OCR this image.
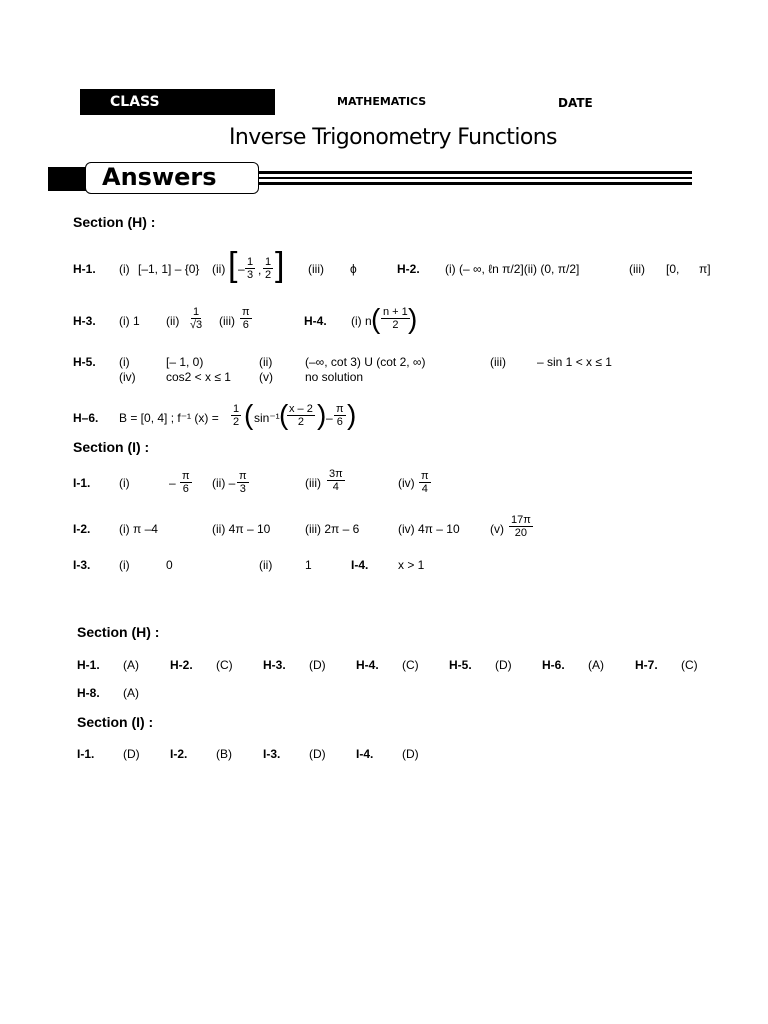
CLASS	MATHEMATICS	DATE
Inverse Trigonometry Functions
Answers
Section (H) :
H-1. (i) [–1, 1] – {0} (ii) [ – $\frac{1}{3}$ , $\frac{1}{2}$ ] (iii) ϕ	H-2. (i) (– ∞, ℓn π/2](ii) (0, π/2]	(iii) [0, π]
H-3. (i) 1 $(ii) \frac{1}{√3} (iii) \frac{\pi}{6}$	H-4. (i) n ( $\frac{n + 1}{2}$
)
H-5. (i)	[– 1, 0)	(ii)	(–∞, cot 3) U (cot 2, ∞)	(iii)	– sin 1 < x ≤ 1
(iv)	cos2 < x ≤ 1 (v)	no solution
H–6. B = [0, 4] ; f⁻¹ $(x) = \frac{1}{2}$ ( sin⁻¹ (
$\frac{x - 2}{2}$ ) – $\frac{\pi}{6}$ )
Section (I) :
I-1. (i)	– $\frac{\pi}{6} (ii) - \frac{\pi}{3}$	$(iii) \frac{3\pi}{4}$	$(iv) \frac{\pi}{4}$
I-2. (i) π –4	(ii) 4π – 10	(iii) 2π – 6	(iv) 4π – 10	$(v) \frac{17\pi}{20}$
I-3. (i)	0	(ii)	1	I-4. x > 1
Section (H) :
H-1. (A)	H-2. (C)	H-3. (D)	H-4. (C)	H-5. (D)	H-6. (A)	H-7. (C)
H-8. (A)
Section (I) :
I-1. (D)	I-2. (B)	I-3. (D)	I-4. (D)
